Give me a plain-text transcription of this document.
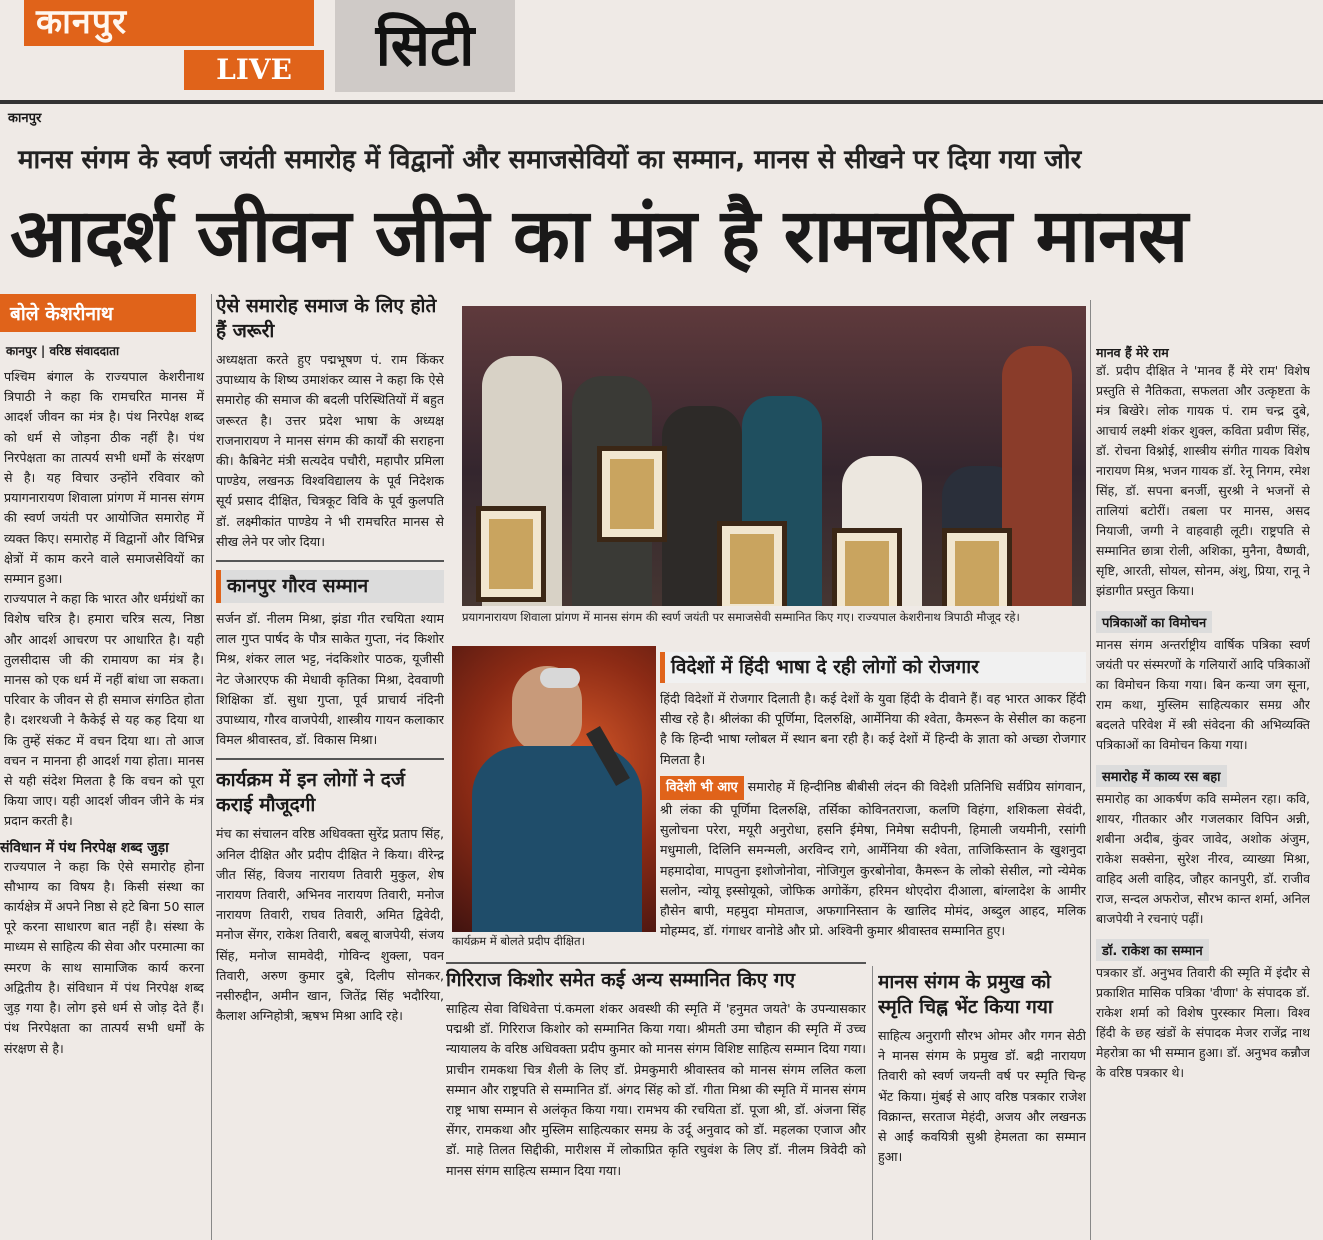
कानपुर
LIVE	सिटी
कानपुर
मानस संगम के स्वर्ण जयंती समारोह में विद्वानों और समाजसेवियों का सम्मान, मानस से सीखने पर दिया गया जोर
आदर्श जीवन जीने का मंत्र है रामचरित मानस
बोले केशरीनाथ
कानपुर | वरिष्ठ संवाददाता

पश्चिम बंगाल के राज्यपाल केशरीनाथ त्रिपाठी ने कहा कि रामचरित मानस में आदर्श जीवन का मंत्र है। पंथ निरपेक्ष शब्द को धर्म से जोड़ना ठीक नहीं है। पंथ निरपेक्षता का तात्पर्य सभी धर्मों के संरक्षण से है। यह विचार उन्होंने रविवार को प्रयागनारायण शिवाला प्रांगण में मानस संगम की स्वर्ण जयंती पर आयोजित समारोह में व्यक्त किए। समारोह में विद्वानों और विभिन्न क्षेत्रों में काम करने वाले समाजसेवियों का सम्मान हुआ।

राज्यपाल ने कहा कि भारत और धर्मग्रंथों का विशेष चरित्र है। हमारा चरित्र सत्य, निष्ठा और आदर्श आचरण पर आधारित है। यही तुलसीदास जी की रामायण का मंत्र है। मानस को एक धर्म में नहीं बांधा जा सकता। परिवार के जीवन से ही समाज संगठित होता है। दशरथजी ने कैकेई से यह कह दिया था कि तुम्हें संकट में वचन दिया था। तो आज वचन न मानना ही आदर्श गया होता। मानस से यही संदेश मिलता है कि वचन को पूरा किया जाए। यही आदर्श जीवन जीने के मंत्र प्रदान करती है।

संविधान में पंथ निरपेक्ष शब्द जुड़ा

राज्यपाल ने कहा कि ऐसे समारोह होना सौभाग्य का विषय है। किसी संस्था का कार्यक्षेत्र में अपने निष्ठा से हटे बिना 50 साल पूरे करना साधारण बात नहीं है। संस्था के माध्यम से साहित्य की सेवा और परमात्मा का स्मरण के साथ सामाजिक कार्य करना अद्वितीय है। संविधान में पंथ निरपेक्ष शब्द जुड़ गया है। लोग इसे धर्म से जोड़ देते हैं। पंथ निरपेक्षता का तात्पर्य सभी धर्मों के संरक्षण से है।

ऐसे समारोह समाज के लिए होते हैं जरूरी

अध्यक्षता करते हुए पद्मभूषण पं. राम किंकर उपाध्याय के शिष्य उमाशंकर व्यास ने कहा कि ऐसे समारोह की समाज की बदली परिस्थितियों में बहुत जरूरत है। उत्तर प्रदेश भाषा के अध्यक्ष राजनारायण ने मानस संगम की कार्यों की सराहना की। कैबिनेट मंत्री सत्यदेव पचौरी, महापौर प्रमिला पाण्डेय, लखनऊ विश्वविद्यालय के पूर्व निदेशक सूर्य प्रसाद दीक्षित, चित्रकूट विवि के पूर्व कुलपति डॉ. लक्ष्मीकांत पाण्डेय ने भी रामचरित मानस से सीख लेने पर जोर दिया।

कानपुर गौरव सम्मान

सर्जन डॉ. नीलम मिश्रा, झंडा गीत रचयिता श्याम लाल गुप्त पार्षद के पौत्र साकेत गुप्ता, नंद किशोर मिश्र, शंकर लाल भट्ट, नंदकिशोर पाठक, यूजीसी नेट जेआरएफ की मेधावी कृतिका मिश्रा, देववाणी शिक्षिका डॉ. सुधा गुप्ता, पूर्व प्राचार्य नंदिनी उपाध्याय, गौरव वाजपेयी, शास्त्रीय गायन कलाकार विमल श्रीवास्तव, डॉ. विकास मिश्रा।

कार्यक्रम में इन लोगों ने दर्ज कराई मौजूदगी

मंच का संचालन वरिष्ठ अधिवक्ता सुरेंद्र प्रताप सिंह, अनिल दीक्षित और प्रदीप दीक्षित ने किया। वीरेन्द्र जीत सिंह, विजय नारायण तिवारी मुकुल, शेष नारायण तिवारी, अभिनव नारायण तिवारी, मनोज नारायण तिवारी, राघव तिवारी, अमित द्विवेदी, मनोज सेंगर, राकेश तिवारी, बबलू बाजपेयी, संजय सिंह, मनोज सामवेदी, गोविन्द शुक्ला, पवन तिवारी, अरुण कुमार दुबे, दिलीप सोनकर, नसीरुद्दीन, अमीन खान, जितेंद्र सिंह भदौरिया, कैलाश अग्निहोत्री, ऋषभ मिश्रा आदि रहे।

प्रयागनारायण शिवाला प्रांगण में मानस संगम की स्वर्ण जयंती पर समाजसेवी सम्मानित किए गए। राज्यपाल केशरीनाथ त्रिपाठी मौजूद रहे।
कार्यक्रम में बोलते प्रदीप दीक्षित।
विदेशों में हिंदी भाषा दे रही लोगों को रोजगार

हिंदी विदेशों में रोजगार दिलाती है। कई देशों के युवा हिंदी के दीवाने हैं। वह भारत आकर हिंदी सीख रहे है। श्रीलंका की पूर्णिमा, दिलरुक्षि, आर्मेनिया की श्वेता, कैमरून के सेसील का कहना है कि हिन्दी भाषा ग्लोबल में स्थान बना रही है। कई देशों में हिन्दी के ज्ञाता को अच्छा रोजगार मिलता है।

विदेशी भी आए समारोह में हिन्दीनिष्ठ बीबीसी लंदन की विदेशी प्रतिनिधि सर्वप्रिय सांगवान, श्री लंका की पूर्णिमा दिलरुक्षि, तर्सिका कोविनतराजा, कलणि विहंगा, शशिकला सेवंदी, सुलोचना परेरा, मयूरी अनुरोधा, हसनि ईमेषा, निमेषा सदीपनी, हिमाली जयमीनी, रसांगी मधुमाली, दिलिनि समन्मली, अरविन्द रागे, आर्मेनिया की श्वेता, ताजिकिस्तान के खुशनुदा महमादोवा, मापतुना इशोजोनोवा, नोजिगुल कुरबोनोवा, कैमरून के लोको सेसील, न्गो न्येमेक सलोन, न्योयू इस्सोयूको, जोफिक अगोकेंग, हरिमन थोएदोरा दीआला, बांग्लादेश के आमीर हौसेन बापी, महमुदा मोमताज, अफगानिस्तान के खालिद मोमंद, अब्दुल आहद, मलिक मोहम्मद, डॉ. गंगाधर वानोडे और प्रो. अश्विनी कुमार श्रीवास्तव सम्मानित हुए।

गिरिराज किशोर समेत कई अन्य सम्मानित किए गए

साहित्य सेवा विधिवेत्ता पं.कमला शंकर अवस्थी की स्मृति में 'हनुमत जयते' के उपन्यासकार पद्मश्री डॉ. गिरिराज किशोर को सम्मानित किया गया। श्रीमती उमा चौहान की स्मृति में उच्च न्यायालय के वरिष्ठ अधिवक्ता प्रदीप कुमार को मानस संगम विशिष्ट साहित्य सम्मान दिया गया। प्राचीन रामकथा चित्र शैली के लिए डॉ. प्रेमकुमारी श्रीवास्तव को मानस संगम ललित कला सम्मान और राष्ट्रपति से सम्मानित डॉ. अंगद सिंह को डॉ. गीता मिश्रा की स्मृति में मानस संगम राष्ट्र भाषा सम्मान से अलंकृत किया गया। रामभय की रचयिता डॉ. पूजा श्री, डॉ. अंजना सिंह सेंगर, रामकथा और मुस्लिम साहित्यकार समग्र के उर्दू अनुवाद को डॉ. महलका एजाज और डॉ. माहे तिलत सिद्दीकी, मारीशस में लोकाप्रित कृति रघुवंश के लिए डॉ. नीलम त्रिवेदी को मानस संगम साहित्य सम्मान दिया गया।

मानस संगम के प्रमुख को स्मृति चिह्न भेंट किया गया

साहित्य अनुरागी सौरभ ओमर और गगन सेठी ने मानस संगम के प्रमुख डॉ. बद्री नारायण तिवारी को स्वर्ण जयन्ती वर्ष पर स्मृति चिन्ह भेंट किया। मुंबई से आए वरिष्ठ पत्रकार राजेश विक्रान्त, सरताज मेहंदी, अजय और लखनऊ से आईं कवयित्री सुश्री हेमलता का सम्मान हुआ।

मानव हैं मेरे राम

डॉ. प्रदीप दीक्षित ने 'मानव हैं मेरे राम' विशेष प्रस्तुति से नैतिकता, सफलता और उत्कृष्टता के मंत्र बिखेरे। लोक गायक पं. राम चन्द्र दुबे, आचार्य लक्ष्मी शंकर शुक्ल, कविता प्रवीण सिंह, डॉ. रोचना विश्नोई, शास्त्रीय संगीत गायक विशेष नारायण मिश्र, भजन गायक डॉ. रेनू निगम, रमेश सिंह, डॉ. सपना बनर्जी, सुरश्री ने भजनों से तालियां बटोरीं। तबला पर मानस, असद नियाजी, जग्गी ने वाहवाही लूटी। राष्ट्रपति से सम्मानित छात्रा रोली, अशिका, मुनैना, वैष्णवी, सृष्टि, आरती, सोयल, सोनम, अंशु, प्रिया, रानू ने झंडागीत प्रस्तुत किया।

पत्रिकाओं का विमोचन

मानस संगम अन्तर्राष्ट्रीय वार्षिक पत्रिका स्वर्ण जयंती पर संस्मरणों के गलियारों आदि पत्रिकाओं का विमोचन किया गया। बिन कन्या जग सूना, राम कथा, मुस्लिम साहित्यकार समग्र और बदलते परिवेश में स्त्री संवेदना की अभिव्यक्ति पत्रिकाओं का विमोचन किया गया।

समारोह में काव्य रस बहा

समारोह का आकर्षण कवि सम्मेलन रहा। कवि, शायर, गीतकार और गजलकार विपिन अन्नी, शबीना अदीब, कुंवर जावेद, अशोक अंजुम, राकेश सक्सेना, सुरेश नीरव, व्याख्या मिश्रा, वाहिद अली वाहिद, जौहर कानपुरी, डॉ. राजीव राज, सन्दल अफरोज, सौरभ कान्त शर्मा, अनिल बाजपेयी ने रचनाएं पढ़ीं।

डॉ. राकेश का सम्मान

पत्रकार डॉ. अनुभव तिवारी की स्मृति में इंदौर से प्रकाशित मासिक पत्रिका 'वीणा' के संपादक डॉ. राकेश शर्मा को विशेष पुरस्कार मिला। विश्व हिंदी के छह खंडों के संपादक मेजर राजेंद्र नाथ मेहरोत्रा का भी सम्मान हुआ। डॉ. अनुभव कन्नौज के वरिष्ठ पत्रकार थे।
